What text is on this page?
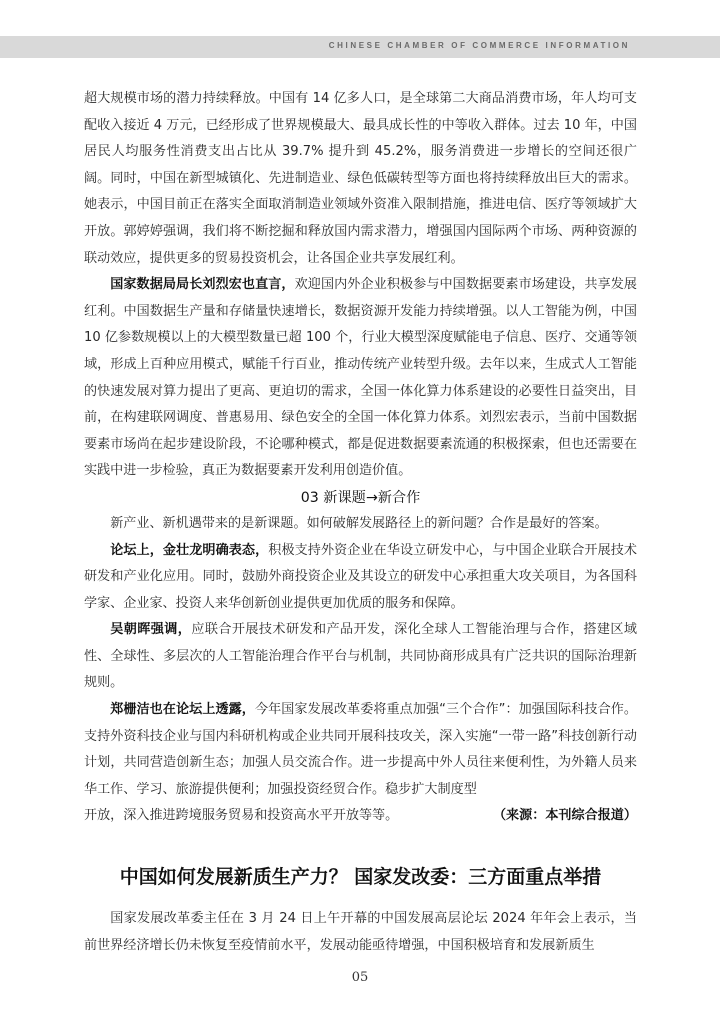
CHINESE CHAMBER OF COMMERCE INFORMATION

超大规模市场的潜力持续释放。中国有 14 亿多人口，是全球第二大商品消费市场，年人均可支配收入接近 4 万元，已经形成了世界规模最大、最具成长性的中等收入群体。过去 10 年，中国居民人均服务性消费支出占比从 39.7% 提升到 45.2%，服务消费进一步增长的空间还很广阔。同时，中国在新型城镇化、先进制造业、绿色低碳转型等方面也将持续释放出巨大的需求。她表示，中国目前正在落实全面取消制造业领域外资准入限制措施，推进电信、医疗等领域扩大开放。郭婷婷强调，我们将不断挖掘和释放国内需求潜力，增强国内国际两个市场、两种资源的联动效应，提供更多的贸易投资机会，让各国企业共享发展红利。

国家数据局局长刘烈宏也直言，欢迎国内外企业积极参与中国数据要素市场建设，共享发展红利。中国数据生产量和存储量快速增长，数据资源开发能力持续增强。以人工智能为例，中国 10 亿参数规模以上的大模型数量已超 100 个，行业大模型深度赋能电子信息、医疗、交通等领域，形成上百种应用模式，赋能千行百业，推动传统产业转型升级。去年以来，生成式人工智能的快速发展对算力提出了更高、更迫切的需求，全国一体化算力体系建设的必要性日益突出，目前，在构建联网调度、普惠易用、绿色安全的全国一体化算力体系。刘烈宏表示，当前中国数据要素市场尚在起步建设阶段，不论哪种模式，都是促进数据要素流通的积极探索，但也还需要在实践中进一步检验，真正为数据要素开发利用创造价值。

03 新课题→新合作

新产业、新机遇带来的是新课题。如何破解发展路径上的新问题？合作是最好的答案。

论坛上，金壮龙明确表态，积极支持外资企业在华设立研发中心，与中国企业联合开展技术研发和产业化应用。同时，鼓励外商投资企业及其设立的研发中心承担重大攻关项目，为各国科学家、企业家、投资人来华创新创业提供更加优质的服务和保障。

吴朝晖强调，应联合开展技术研发和产品开发，深化全球人工智能治理与合作，搭建区域性、全球性、多层次的人工智能治理合作平台与机制，共同协商形成具有广泛共识的国际治理新规则。

郑栅洁也在论坛上透露，今年国家发展改革委将重点加强“三个合作”：加强国际科技合作。支持外资科技企业与国内科研机构或企业共同开展科技攻关，深入实施“一带一路”科技创新行动计划，共同营造创新生态；加强人员交流合作。进一步提高中外人员往来便利性，为外籍人员来华工作、学习、旅游提供便利；加强投资经贸合作。稳步扩大制度型

开放，深入推进跨境服务贸易和投资高水平开放等等。	（来源：本刊综合报道）
中国如何发展新质生产力？ 国家发改委：三方面重点举措

国家发展改革委主任在 3 月 24 日上午开幕的中国发展高层论坛 2024 年年会上表示，当前世界经济增长仍未恢复至疫情前水平，发展动能亟待增强，中国积极培育和发展新质生

05
